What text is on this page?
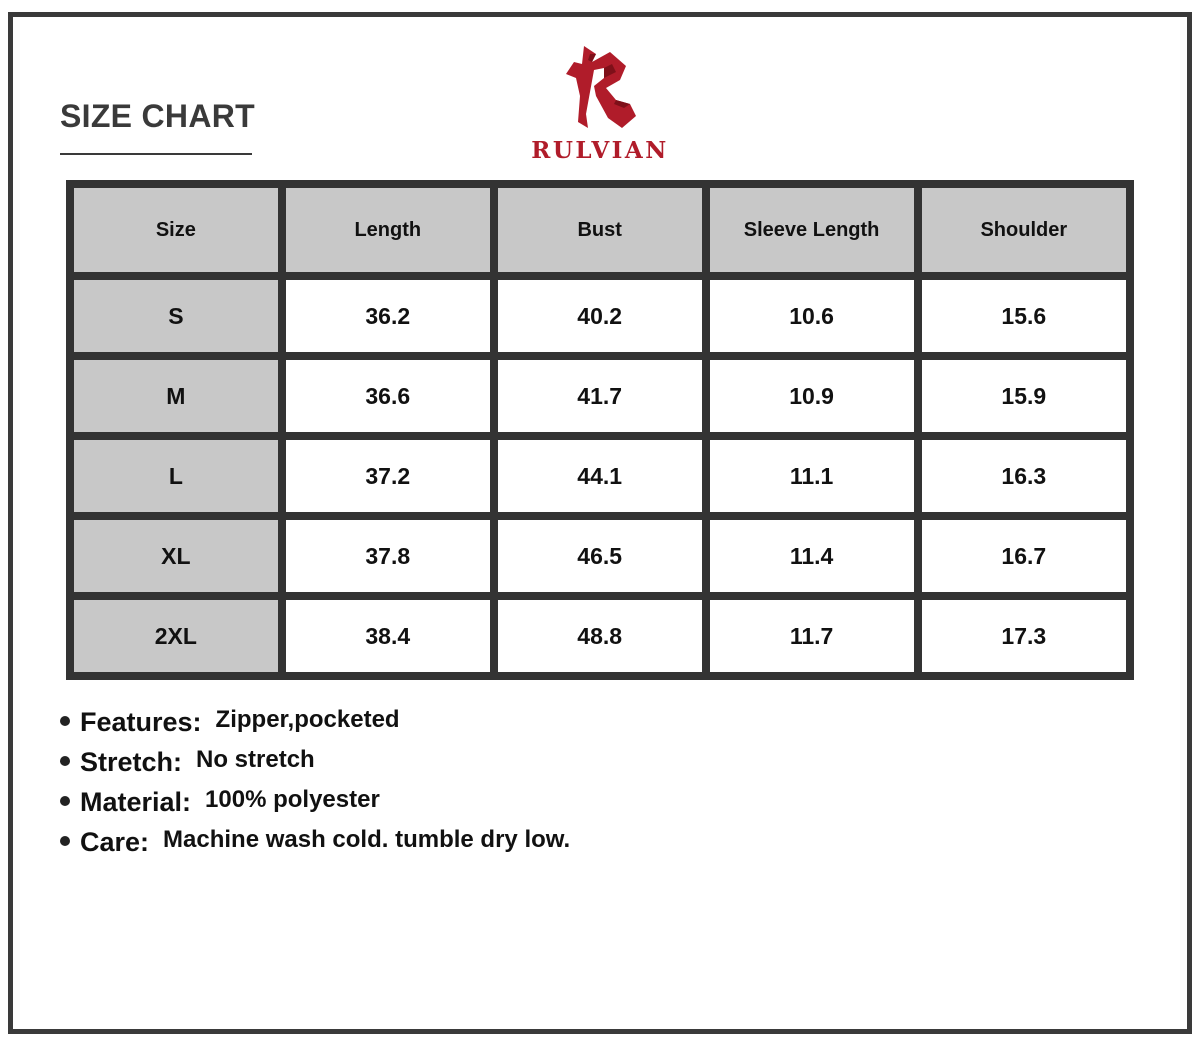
SIZE CHART
RULVIAN
Size	Length	Bust	Sleeve Length	Shoulder
S	36.2	40.2	10.6	15.6
M	36.6	41.7	10.9	15.9
L	37.2	44.1	11.1	16.3
XL	37.8	46.5	11.4	16.7
2XL	38.4	48.8	11.7	17.3
Features: Zipper,pocketed
Stretch: No stretch
Material: 100% polyester
Care: Machine wash cold. tumble dry low.
